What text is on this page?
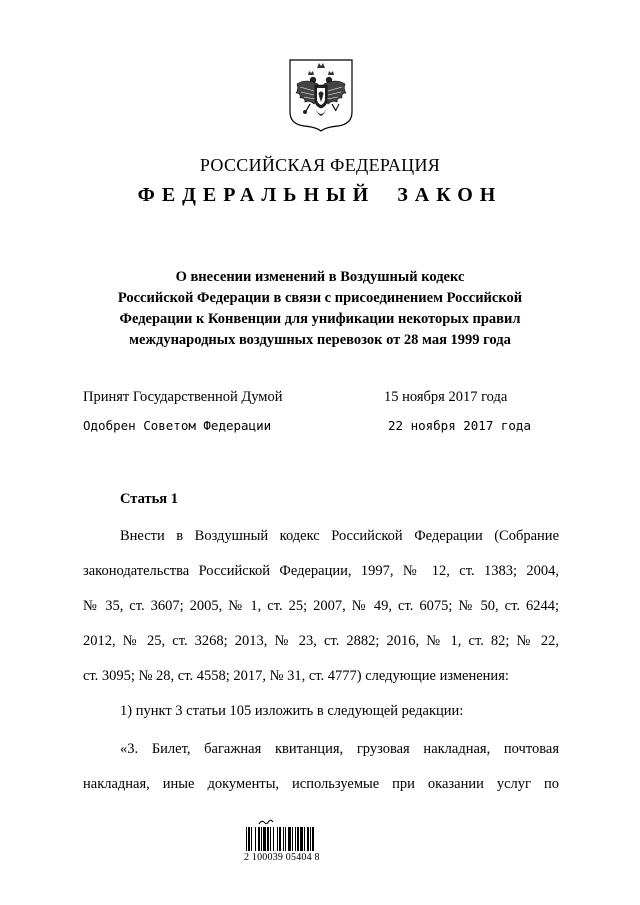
РОССИЙСКАЯ ФЕДЕРАЦИЯ
ФЕДЕРАЛЬНЫЙ ЗАКОН
О внесении изменений в Воздушный кодекс
Российской Федерации в связи с присоединением Российской
Федерации к Конвенции для унификации некоторых правил
международных воздушных перевозок от 28 мая 1999 года
Принят Государственной Думой	15 ноября 2017 года
Одобрен Советом Федерации	22 ноября 2017 года
Статья 1
Внести в Воздушный кодекс Российской Федерации (Собрание
законодательства Российской Федерации, 1997, № 12, ст. 1383; 2004,
№ 35, ст. 3607; 2005, № 1, ст. 25; 2007, № 49, ст. 6075; № 50, ст. 6244;
2012, № 25, ст. 3268; 2013, № 23, ст. 2882; 2016, № 1, ст. 82; № 22,
ст. 3095; № 28, ст. 4558; 2017, № 31, ст. 4777) следующие изменения:
1) пункт 3 статьи 105 изложить в следующей редакции:
«3. Билет, багажная квитанция, грузовая накладная, почтовая
накладная, иные документы, используемые при оказании услуг по
2 100039 05404 8
